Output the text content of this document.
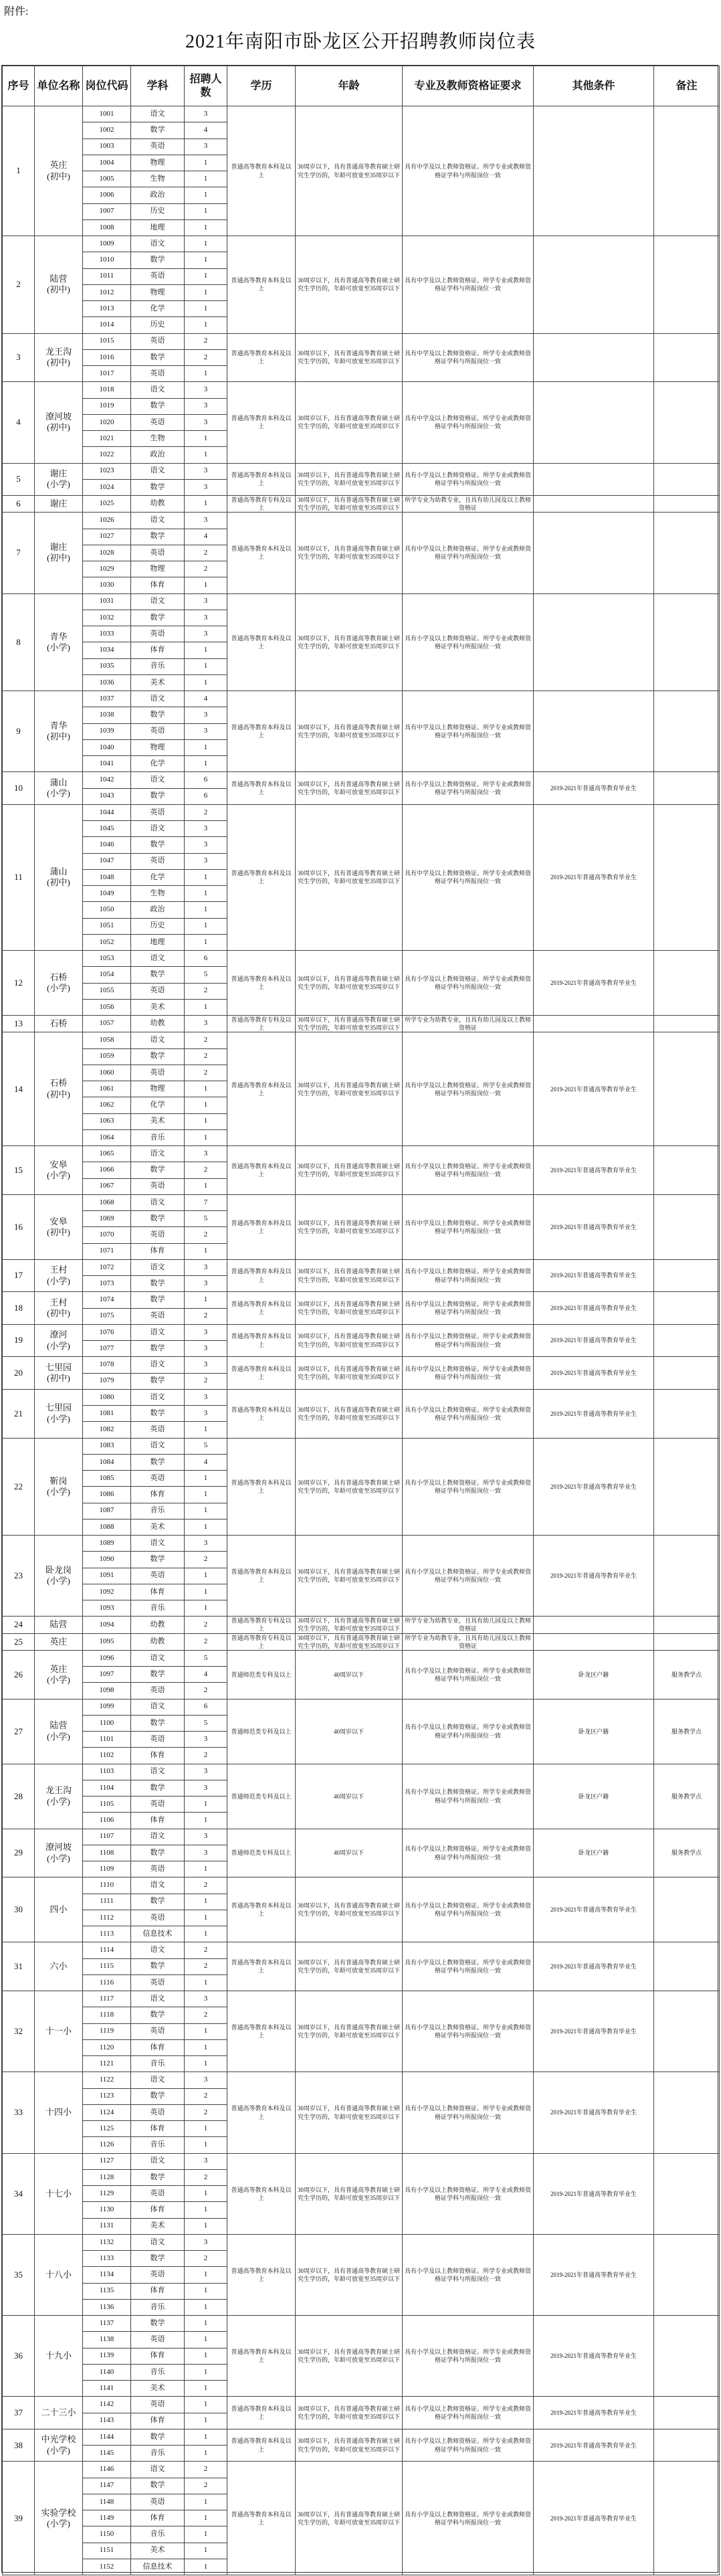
附件:
2021年南阳市卧龙区公开招聘教师岗位表
序号	单位名称	岗位代码	学科	招聘人数	学历	年龄	专业及教师资格证要求	其他条件	备注
1	英庄
(初中)	1001	语文	3	普通高等教育本科及以上	30周岁以下，具有普通高等教育硕士研究生学历的，年龄可放宽至35周岁以下	具有中学及以上教师资格证。所学专业或教师资格证学科与所报岗位一致		
		1002	数学	4					
		1003	英语	3					
		1004	物理	1					
		1005	生物	1					
		1006	政治	1					
		1007	历史	1					
		1008	地理	1					
2	陆营
(初中)	1009	语文	1	普通高等教育本科及以上	30周岁以下，具有普通高等教育硕士研究生学历的，年龄可放宽至35周岁以下	具有中学及以上教师资格证。所学专业或教师资格证学科与所报岗位一致		
		1010	数学	1					
		1011	英语	1					
		1012	物理	1					
		1013	化学	1					
		1014	历史	1					
3	龙王沟
(初中)	1015	英语	2	普通高等教育本科及以上	30周岁以下，具有普通高等教育硕士研究生学历的，年龄可放宽至35周岁以下	具有中学及以上教师资格证。所学专业或教师资格证学科与所报岗位一致		
		1016	数学	2					
		1017	英语	1					
4	潦河坡
(初中)	1018	语文	3	普通高等教育本科及以上	30周岁以下，具有普通高等教育硕士研究生学历的，年龄可放宽至35周岁以下	具有中学及以上教师资格证。所学专业或教师资格证学科与所报岗位一致		
		1019	数学	3					
		1020	英语	3					
		1021	生物	1					
		1022	政治	1					
5	谢庄
(小学)	1023	语文	3	普通高等教育本科及以上	30周岁以下，具有普通高等教育硕士研究生学历的，年龄可放宽至35周岁以下	具有小学及以上教师资格证。所学专业或教师资格证学科与所报岗位一致		
		1024	数学	3					
6	谢庄	1025	幼教	1	普通高等教育专科及以上	30周岁以下，具有普通高等教育硕士研究生学历的，年龄可放宽至35周岁以下	所学专业为幼教专业，且具有幼儿园及以上教师资格证		
7	谢庄
(初中)	1026	语文	3	普通高等教育本科及以上	30周岁以下，具有普通高等教育硕士研究生学历的，年龄可放宽至35周岁以下	具有中学及以上教师资格证。所学专业或教师资格证学科与所报岗位一致		
		1027	数学	4					
		1028	英语	2					
		1029	物理	2					
		1030	体育	1					
8	青华
(小学)	1031	语文	3	普通高等教育本科及以上	30周岁以下，具有普通高等教育硕士研究生学历的，年龄可放宽至35周岁以下	具有小学及以上教师资格证。所学专业或教师资格证学科与所报岗位一致		
		1032	数学	3					
		1033	英语	3					
		1034	体育	1					
		1035	音乐	1					
		1036	美术	1					
9	青华
(初中)	1037	语文	4	普通高等教育本科及以上	30周岁以下，具有普通高等教育硕士研究生学历的，年龄可放宽至35周岁以下	具有中学及以上教师资格证。所学专业或教师资格证学科与所报岗位一致		
		1038	数学	3					
		1039	英语	3					
		1040	物理	1					
		1041	化学	1					
10	蒲山
(小学)	1042	语文	6	普通高等教育本科及以上	30周岁以下，具有普通高等教育硕士研究生学历的，年龄可放宽至35周岁以下	具有小学及以上教师资格证。所学专业或教师资格证学科与所报岗位一致	2019-2021年普通高等教育毕业生	
		1043	数学	6					
11	蒲山
(初中)	1044	英语	2	普通高等教育本科及以上	30周岁以下，具有普通高等教育硕士研究生学历的，年龄可放宽至35周岁以下	具有中学及以上教师资格证。所学专业或教师资格证学科与所报岗位一致	2019-2021年普通高等教育毕业生	
		1045	语文	3					
		1046	数学	3					
		1047	英语	3					
		1048	化学	1					
		1049	生物	1					
		1050	政治	1					
		1051	历史	1					
		1052	地理	1					
12	石桥
(小学)	1053	语文	6	普通高等教育本科及以上	30周岁以下，具有普通高等教育硕士研究生学历的，年龄可放宽至35周岁以下	具有小学及以上教师资格证。所学专业或教师资格证学科与所报岗位一致	2019-2021年普通高等教育毕业生	
		1054	数学	5					
		1055	英语	2					
		1056	美术	1					
13	石桥	1057	幼教	3	普通高等教育专科及以上	30周岁以下，具有普通高等教育硕士研究生学历的，年龄可放宽至35周岁以下	所学专业为幼教专业，且具有幼儿园及以上教师资格证		
14	石桥
(初中)	1058	语文	2	普通高等教育本科及以上	30周岁以下，具有普通高等教育硕士研究生学历的，年龄可放宽至35周岁以下	具有中学及以上教师资格证。所学专业或教师资格证学科与所报岗位一致	2019-2021年普通高等教育毕业生	
		1059	数学	2					
		1060	英语	2					
		1061	物理	1					
		1062	化学	1					
		1063	美术	1					
		1064	音乐	1					
15	安皋
(小学)	1065	语文	3	普通高等教育本科及以上	30周岁以下，具有普通高等教育硕士研究生学历的，年龄可放宽至35周岁以下	具有小学及以上教师资格证。所学专业或教师资格证学科与所报岗位一致	2019-2021年普通高等教育毕业生	
		1066	数学	2					
		1067	英语	1					
16	安皋
(初中)	1068	语文	7	普通高等教育本科及以上	30周岁以下，具有普通高等教育硕士研究生学历的，年龄可放宽至35周岁以下	具有中学及以上教师资格证。所学专业或教师资格证学科与所报岗位一致	2019-2021年普通高等教育毕业生	
		1069	数学	5					
		1070	英语	2					
		1071	体育	1					
17	王村
(小学)	1072	语文	3	普通高等教育本科及以上	30周岁以下，具有普通高等教育硕士研究生学历的，年龄可放宽至35周岁以下	具有小学及以上教师资格证。所学专业或教师资格证学科与所报岗位一致	2019-2021年普通高等教育毕业生	
		1073	数学	3					
18	王村
(初中)	1074	数学	1	普通高等教育本科及以上	30周岁以下，具有普通高等教育硕士研究生学历的，年龄可放宽至35周岁以下	具有中学及以上教师资格证。所学专业或教师资格证学科与所报岗位一致	2019-2021年普通高等教育毕业生	
		1075	英语	2					
19	潦河
(小学)	1076	语文	3	普通高等教育本科及以上	30周岁以下，具有普通高等教育硕士研究生学历的，年龄可放宽至35周岁以下	具有小学及以上教师资格证。所学专业或教师资格证学科与所报岗位一致	2019-2021年普通高等教育毕业生	
		1077	数学	3					
20	七里园
(初中)	1078	语文	3	普通高等教育本科及以上	30周岁以下，具有普通高等教育硕士研究生学历的，年龄可放宽至35周岁以下	具有中学及以上教师资格证。所学专业或教师资格证学科与所报岗位一致	2019-2021年普通高等教育毕业生	
		1079	数学	2					
21	七里园
(小学)	1080	语文	3	普通高等教育本科及以上	30周岁以下，具有普通高等教育硕士研究生学历的，年龄可放宽至35周岁以下	具有小学及以上教师资格证。所学专业或教师资格证学科与所报岗位一致	2019-2021年普通高等教育毕业生	
		1081	数学	3					
		1082	英语	1					
22	靳岗
(小学)	1083	语文	5	普通高等教育本科及以上	30周岁以下，具有普通高等教育硕士研究生学历的，年龄可放宽至35周岁以下	具有小学及以上教师资格证。所学专业或教师资格证学科与所报岗位一致	2019-2021年普通高等教育毕业生	
		1084	数学	4					
		1085	英语	1					
		1086	体育	1					
		1087	音乐	1					
		1088	美术	1					
23	卧龙岗
(小学)	1089	语文	3	普通高等教育本科及以上	30周岁以下，具有普通高等教育硕士研究生学历的，年龄可放宽至35周岁以下	具有小学及以上教师资格证。所学专业或教师资格证学科与所报岗位一致	2019-2021年普通高等教育毕业生	
		1090	数学	2					
		1091	英语	1					
		1092	体育	1					
		1093	音乐	1					
24	陆营	1094	幼教	2	普通高等教育专科及以上	30周岁以下，具有普通高等教育硕士研究生学历的，年龄可放宽至35周岁以下	所学专业为幼教专业，且具有幼儿园及以上教师资格证		
25	英庄	1095	幼教	2	普通高等教育专科及以上	30周岁以下，具有普通高等教育硕士研究生学历的，年龄可放宽至35周岁以下	所学专业为幼教专业，且具有幼儿园及以上教师资格证		
26	英庄
(小学)	1096	语文	5	普通师范类专科及以上	40周岁以下	具有小学及以上教师资格证。所学专业或教师资格证学科与所报岗位一致	卧龙区户籍	服务教学点
		1097	数学	4					
		1098	英语	2					
27	陆营
(小学)	1099	语文	6	普通师范类专科及以上	40周岁以下	具有小学及以上教师资格证。所学专业或教师资格证学科与所报岗位一致	卧龙区户籍	服务教学点
		1100	数学	5					
		1101	英语	3					
		1102	体育	2					
28	龙王沟
(小学)	1103	语文	3	普通师范类专科及以上	40周岁以下	具有小学及以上教师资格证。所学专业或教师资格证学科与所报岗位一致	卧龙区户籍	服务教学点
		1104	数学	3					
		1105	英语	1					
		1106	体育	1					
29	潦河坡
(小学)	1107	语文	3	普通师范类专科及以上	40周岁以下	具有小学及以上教师资格证。所学专业或教师资格证学科与所报岗位一致	卧龙区户籍	服务教学点
		1108	数学	3					
		1109	英语	1					
30	四小	1110	语文	2	普通高等教育本科及以上	30周岁以下，具有普通高等教育硕士研究生学历的，年龄可放宽至35周岁以下	具有小学及以上教师资格证。所学专业或教师资格证学科与所报岗位一致	2019-2021年普通高等教育毕业生	
		1111	数学	1					
		1112	英语	1					
		1113	信息技术	1					
31	六小	1114	语文	2	普通高等教育本科及以上	30周岁以下，具有普通高等教育硕士研究生学历的，年龄可放宽至35周岁以下	具有小学及以上教师资格证。所学专业或教师资格证学科与所报岗位一致	2019-2021年普通高等教育毕业生	
		1115	数学	2					
		1116	英语	1					
32	十一小	1117	语文	3	普通高等教育本科及以上	30周岁以下，具有普通高等教育硕士研究生学历的，年龄可放宽至35周岁以下	具有小学及以上教师资格证。所学专业或教师资格证学科与所报岗位一致	2019-2021年普通高等教育毕业生	
		1118	数学	2					
		1119	英语	1					
		1120	体育	1					
		1121	音乐	1					
33	十四小	1122	语文	3	普通高等教育本科及以上	30周岁以下，具有普通高等教育硕士研究生学历的，年龄可放宽至35周岁以下	具有小学及以上教师资格证。所学专业或教师资格证学科与所报岗位一致	2019-2021年普通高等教育毕业生	
		1123	数学	2					
		1124	英语	2					
		1125	体育	1					
		1126	音乐	1					
34	十七小	1127	语文	3	普通高等教育本科及以上	30周岁以下，具有普通高等教育硕士研究生学历的，年龄可放宽至35周岁以下	具有小学及以上教师资格证。所学专业或教师资格证学科与所报岗位一致	2019-2021年普通高等教育毕业生	
		1128	数学	2					
		1129	英语	1					
		1130	体育	1					
		1131	美术	1					
35	十八小	1132	语文	3	普通高等教育本科及以上	30周岁以下，具有普通高等教育硕士研究生学历的，年龄可放宽至35周岁以下	具有小学及以上教师资格证。所学专业或教师资格证学科与所报岗位一致	2019-2021年普通高等教育毕业生	
		1133	数学	2					
		1134	英语	1					
		1135	体育	1					
		1136	音乐	1					
36	十九小	1137	数学	1	普通高等教育本科及以上	30周岁以下，具有普通高等教育硕士研究生学历的，年龄可放宽至35周岁以下	具有小学及以上教师资格证。所学专业或教师资格证学科与所报岗位一致	2019-2021年普通高等教育毕业生	
		1138	英语	1					
		1139	体育	1					
		1140	音乐	1					
		1141	美术	1					
37	二十三小	1142	英语	1	普通高等教育本科及以上	30周岁以下，具有普通高等教育硕士研究生学历的，年龄可放宽至35周岁以下	具有小学及以上教师资格证。所学专业或教师资格证学科与所报岗位一致	2019-2021年普通高等教育毕业生	
		1143	体育	1					
38	中光学校
(小学)	1144	数学	1	普通高等教育本科及以上	30周岁以下，具有普通高等教育硕士研究生学历的，年龄可放宽至35周岁以下	具有小学及以上教师资格证。所学专业或教师资格证学科与所报岗位一致	2019-2021年普通高等教育毕业生	
		1145	音乐	1					
39	实验学校
(小学)	1146	语文	2	普通高等教育本科及以上	30周岁以下，具有普通高等教育硕士研究生学历的，年龄可放宽至35周岁以下	具有小学及以上教师资格证。所学专业或教师资格证学科与所报岗位一致	2019-2021年普通高等教育毕业生	
		1147	数学	2					
		1148	英语	1					
		1149	体育	1					
		1150	音乐	1					
		1151	美术	1					
		1152	信息技术	1					
